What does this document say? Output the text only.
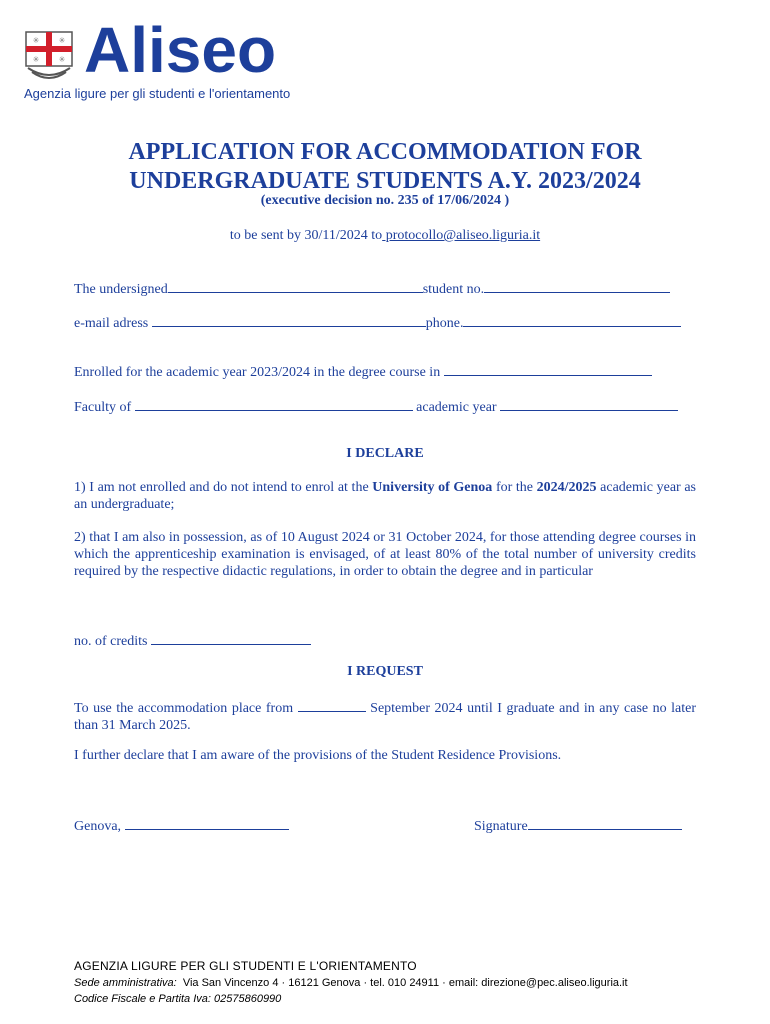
✳ ✳
✳ ✳ Aliseo
Agenzia ligure per gli studenti e l'orientamento
APPLICATION FOR ACCOMMODATION FOR
UNDERGRADUATE STUDENTS A.Y. 2023/2024
(executive decision no. 235 of 17/06/2024 )
to be sent by 30/11/2024 to protocollo@aliseo.liguria.it
The undersigned	student no.
e-mail adress	phone.
Enrolled for the academic year 2023/2024 in the degree course in
Faculty of	academic year
I DECLARE
1) I am not enrolled and do not intend to enrol at the University of Genoa for the 2024/2025 academic year as an undergraduate;
2) that I am also in possession, as of 10 August 2024 or 31 October 2024, for those attending degree courses in which the apprenticeship examination is envisaged, of at least 80% of the total number of university credits required by the respective didactic regulations, in order to obtain the degree and in particular
no. of credits
I REQUEST
To use the accommodation place from	September 2024 until I graduate and in any case no later than 31 March 2025.
I further declare that I am aware of the provisions of the Student Residence Provisions.
Genova,	Signature
AGENZIA LIGURE PER GLI STUDENTI E L'ORIENTAMENTO
Sede amministrativa: Via San Vincenzo 4 · 16121 Genova · tel. 010 24911 · email: direzione@pec.aliseo.liguria.it
Codice Fiscale e Partita Iva: 02575860990
